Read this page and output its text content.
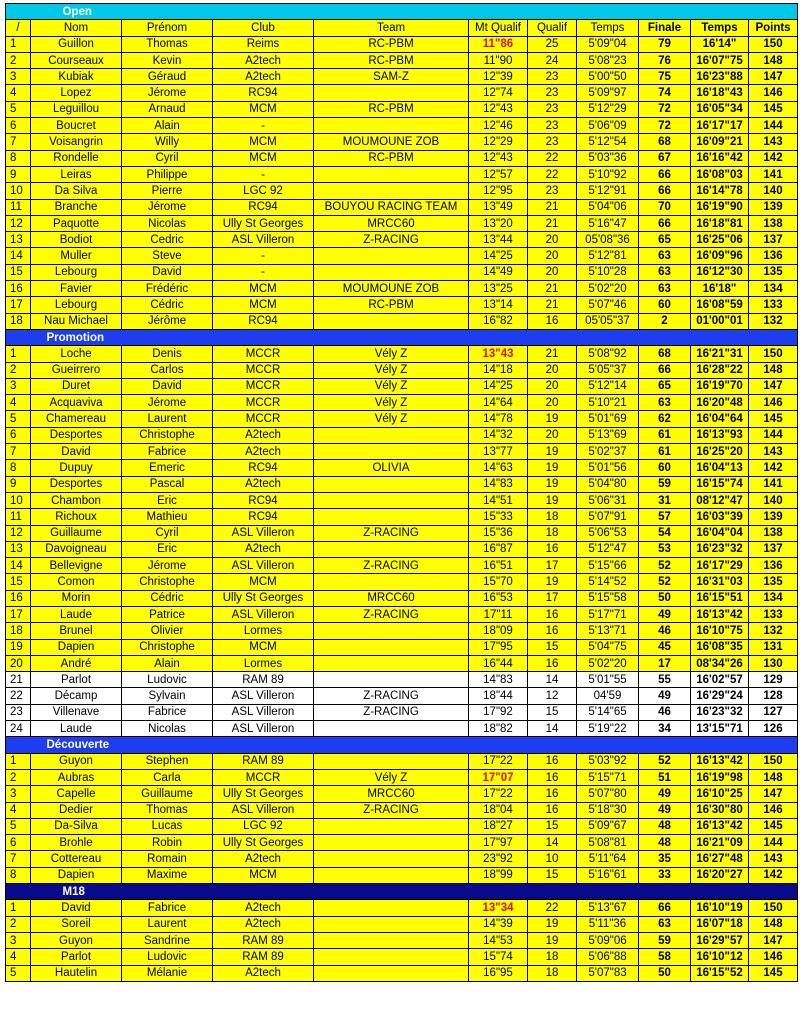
	Open									
/	Nom	Prénom	Club	Team	Mt Qualif	Qualif	Temps	Finale	Temps	Points
1	Guillon	Thomas	Reims	RC-PBM	11"86	25	5'09"04	79	16'14"	150
2	Courseaux	Kevin	A2tech	RC-PBM	11"90	24	5'08"23	76	16'07"75	148
3	Kubiak	Géraud	A2tech	SAM-Z	12"39	23	5'00"50	75	16'23"88	147
4	Lopez	Jérome	RC94		12"74	23	5'09"97	74	16'18"43	146
5	Leguillou	Arnaud	MCM	RC-PBM	12"43	23	5'12"29	72	16'05"34	145
6	Boucret	Alain	-		12"46	23	5'06"09	72	16'17"17	144
7	Voisangrin	Willy	MCM	MOUMOUNE ZOB	12"29	23	5'12"54	68	16'09"21	143
8	Rondelle	Cyril	MCM	RC-PBM	12"43	22	5'03"36	67	16'16"42	142
9	Leiras	Philippe	-		12"57	22	5'10"92	66	16'08"03	141
10	Da Silva	Pierre	LGC 92		12"95	23	5'12"91	66	16'14"78	140
11	Branche	Jérome	RC94	BOUYOU RACING TEAM	13"49	21	5'04"06	70	16'19"90	139
12	Paquotte	Nicolas	Ully St Georges	MRCC60	13"20	21	5'16"47	66	16'18"81	138
13	Bodiot	Cedric	ASL Villeron	Z-RACING	13"44	20	05'08"36	65	16'25"06	137
14	Muller	Steve	-		14"25	20	5'12"81	63	16'09"96	136
15	Lebourg	David	-		14"49	20	5'10"28	63	16'12"30	135
16	Favier	Frédéric	MCM	MOUMOUNE ZOB	13"25	21	5'02"20	63	16'18"	134
17	Lebourg	Cédric	MCM	RC-PBM	13"14	21	5'07"46	60	16'08"59	133
18	Nau Michael	Jérôme	RC94		16"82	16	05'05"37	2	01'00"01	132
	Promotion									
1	Loche	Denis	MCCR	Vély Z	13"43	21	5'08"92	68	16'21"31	150
2	Gueirrero	Carlos	MCCR	Vély Z	14"18	20	5'05"37	66	16'28"22	148
3	Duret	David	MCCR	Vély Z	14"25	20	5'12"14	65	16'19"70	147
4	Acquaviva	Jérome	MCCR	Vély Z	14"64	20	5'10"21	63	16'20"48	146
5	Chamereau	Laurent	MCCR	Vély Z	14"78	19	5'01"69	62	16'04"64	145
6	Desportes	Christophe	A2tech		14"32	20	5'13"69	61	16'13"93	144
7	David	Fabrice	A2tech		13"77	19	5'02"37	61	16'25"20	143
8	Dupuy	Emeric	RC94	OLIVIA	14"63	19	5'01"56	60	16'04"13	142
9	Desportes	Pascal	A2tech		14"83	19	5'04"80	59	16'15"74	141
10	Chambon	Eric	RC94		14"51	19	5'06"31	31	08'12"47	140
11	Richoux	Mathieu	RC94		15"33	18	5'07"91	57	16'03"39	139
12	Guillaume	Cyril	ASL Villeron	Z-RACING	15"36	18	5'06"53	54	16'04"04	138
13	Davoigneau	Eric	A2tech		16"87	16	5'12"47	53	16'23"32	137
14	Bellevigne	Jérome	ASL Villeron	Z-RACING	16"51	17	5'15"66	52	16'17"29	136
15	Comon	Christophe	MCM		15"70	19	5'14"52	52	16'31"03	135
16	Morin	Cédric	Ully St Georges	MRCC60	16"53	17	5'15"58	50	16'15"51	134
17	Laude	Patrice	ASL Villeron	Z-RACING	17"11	16	5'17"71	49	16'13"42	133
18	Brunel	Olivier	Lormes		18"09	16	5'13"71	46	16'10"75	132
19	Dapien	Christophe	MCM		17"95	15	5'04"75	45	16'08"35	131
20	André	Alain	Lormes		16"44	16	5'02"20	17	08'34"26	130
21	Parlot	Ludovic	RAM 89		14"83	14	5'01"55	55	16'02"57	129
22	Décamp	Sylvain	ASL Villeron	Z-RACING	18"44	12	04'59	49	16'29"24	128
23	Villenave	Fabrice	ASL Villeron	Z-RACING	17"92	15	5'14"65	46	16'23"32	127
24	Laude	Nicolas	ASL Villeron		18"82	14	5'19"22	34	13'15"71	126
	Découverte									
1	Guyon	Stephen	RAM 89		17"22	16	5'03"92	52	16'13"42	150
2	Aubras	Carla	MCCR	Vély Z	17"07	16	5'15"71	51	16'19"98	148
3	Capelle	Guillaume	Ully St Georges	MRCC60	17"22	16	5'07"80	49	16'10"25	147
4	Dedier	Thomas	ASL Villeron	Z-RACING	18"04	16	5'18"30	49	16'30"80	146
5	Da-Silva	Lucas	LGC 92		18"27	15	5'09"67	48	16'13"42	145
6	Brohle	Robin	Ully St Georges		17"97	14	5'08"81	48	16'21"09	144
7	Cottereau	Romain	A2tech		23"92	10	5'11"64	35	16'27"48	143
8	Dapien	Maxime	MCM		18"99	15	5'16"61	33	16'20"27	142
	M18									
1	David	Fabrice	A2tech		13"34	22	5'13"67	66	16'10"19	150
2	Soreil	Laurent	A2tech		14"39	19	5'11"36	63	16'07"18	148
3	Guyon	Sandrine	RAM 89		14"53	19	5'09"06	59	16'29"57	147
4	Parlot	Ludovic	RAM 89		15"74	18	5'06"88	58	16'10"12	146
5	Hautelin	Mélanie	A2tech		16"95	18	5'07"83	50	16'15"52	145
